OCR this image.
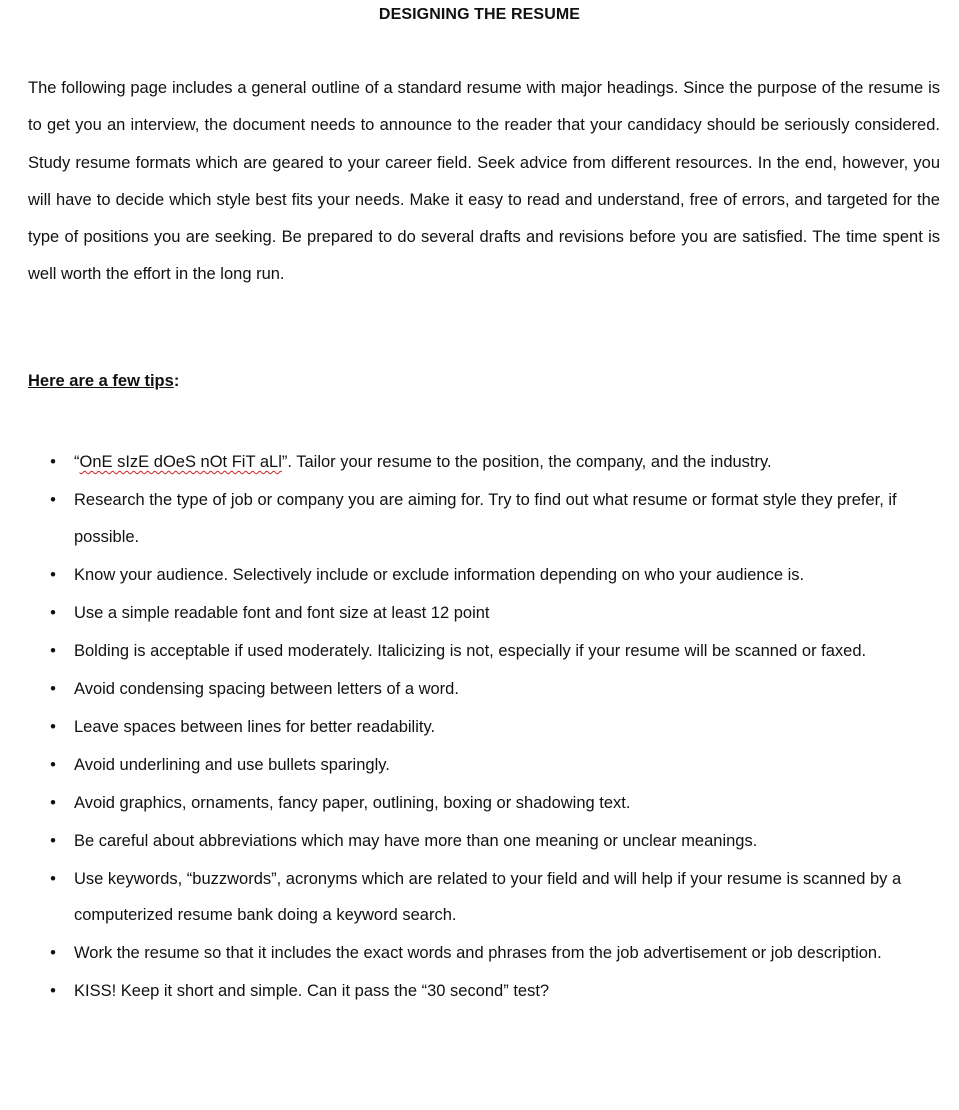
DESIGNING THE RESUME

The following page includes a general outline of a standard resume with major headings. Since the purpose of the resume is to get you an interview, the document needs to announce to the reader that your candidacy should be seriously considered. Study resume formats which are geared to your career field. Seek advice from different resources. In the end, however, you will have to decide which style best fits your needs. Make it easy to read and understand, free of errors, and targeted for the type of positions you are seeking. Be prepared to do several drafts and revisions before you are satisfied. The time spent is well worth the effort in the long run.

Here are a few tips:

• “OnE sIzE dOeS nOt FiT aLl”. Tailor your resume to the position, the company, and the industry.
• Research the type of job or company you are aiming for. Try to find out what resume or format style they prefer, if possible.
• Know your audience. Selectively include or exclude information depending on who your audience is.
• Use a simple readable font and font size at least 12 point
• Bolding is acceptable if used moderately. Italicizing is not, especially if your resume will be scanned or faxed.
• Avoid condensing spacing between letters of a word.
• Leave spaces between lines for better readability.
• Avoid underlining and use bullets sparingly.
• Avoid graphics, ornaments, fancy paper, outlining, boxing or shadowing text.
• Be careful about abbreviations which may have more than one meaning or unclear meanings.
• Use keywords, “buzzwords”, acronyms which are related to your field and will help if your resume is scanned by a computerized resume bank doing a keyword search.
• Work the resume so that it includes the exact words and phrases from the job advertisement or job description.
• KISS! Keep it short and simple. Can it pass the “30 second” test?
